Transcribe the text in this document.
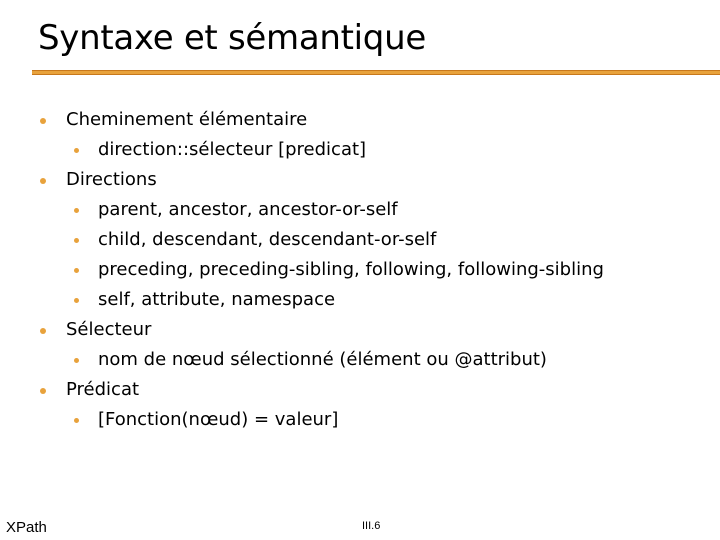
Syntaxe et sémantique
Cheminement élémentaire
direction::sélecteur [predicat]
Directions
parent, ancestor, ancestor-or-self
child, descendant, descendant-or-self
preceding, preceding-sibling, following, following-sibling
self, attribute, namespace
Sélecteur
nom de nœud sélectionné (élément ou @attribut)
Prédicat
[Fonction(nœud) = valeur]
XPath	III.6
